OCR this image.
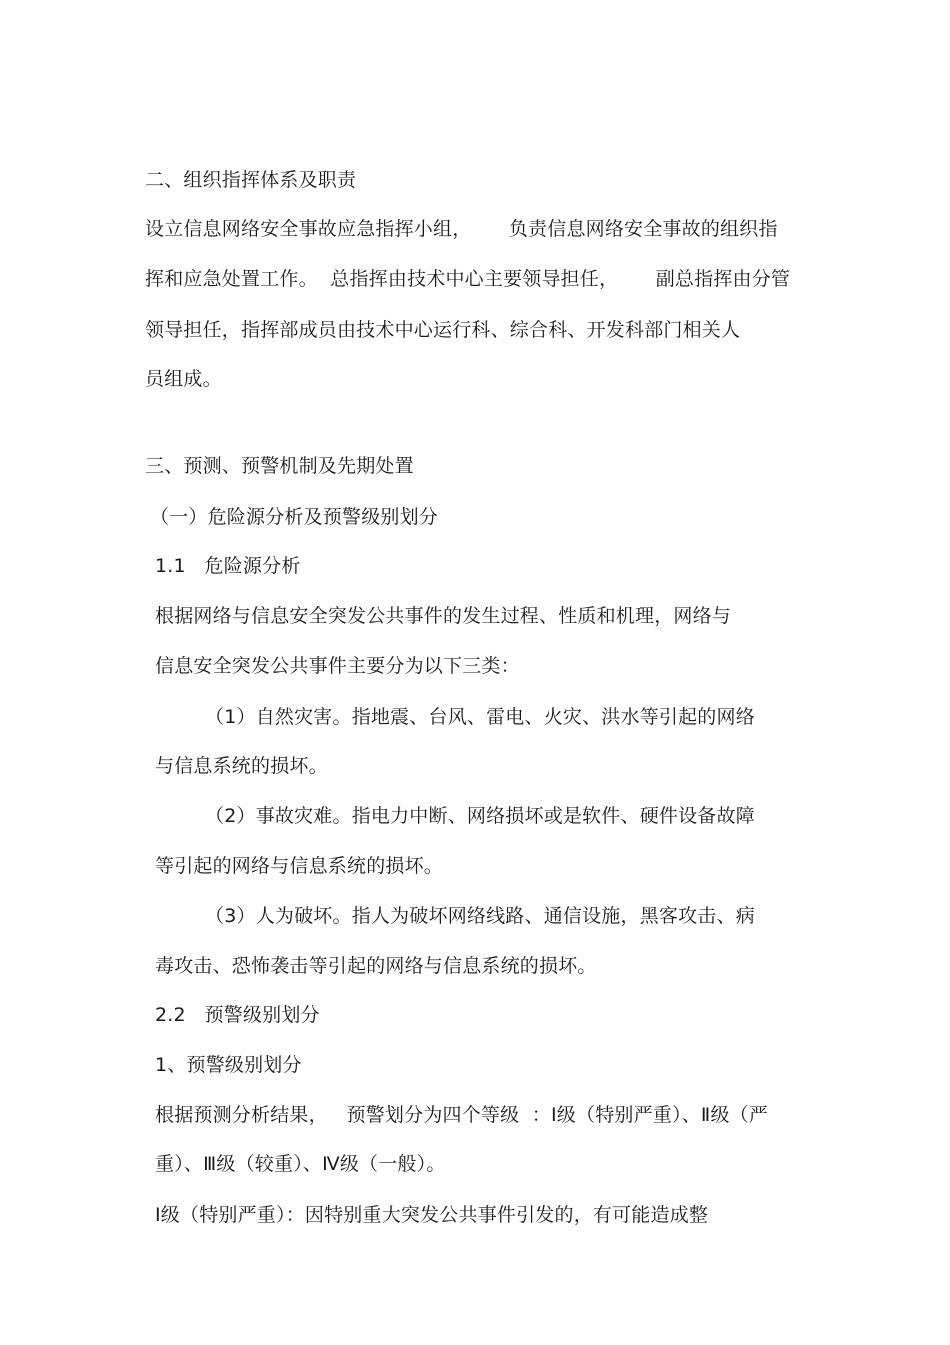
二、组织指挥体系及职责
设立信息网络安全事故应急指挥小组，      负责信息网络安全事故的组织指
挥和应急处置工作。  总指挥由技术中心主要领导担任，      副总指挥由分管
领导担任，指挥部成员由技术中心运行科、综合科、开发科部门相关人
员组成。
三、预测、预警机制及先期处置
（一）危险源分析及预警级别划分
1.1   危险源分析
根据网络与信息安全突发公共事件的发生过程、性质和机理，网络与
信息安全突发公共事件主要分为以下三类：
（1）自然灾害。指地震、台风、雷电、火灾、洪水等引起的网络
与信息系统的损坏。
（2）事故灾难。指电力中断、网络损坏或是软件、硬件设备故障
等引起的网络与信息系统的损坏。
（3）人为破坏。指人为破坏网络线路、通信设施，黑客攻击、病
毒攻击、恐怖袭击等引起的网络与信息系统的损坏。
2.2   预警级别划分
1、预警级别划分
根据预测分析结果，   预警划分为四个等级  ：Ⅰ级（特别严重）、Ⅱ级（严
重）、Ⅲ级（较重）、Ⅳ级（一般）。
Ⅰ级（特别严重）：因特别重大突发公共事件引发的，有可能造成整
